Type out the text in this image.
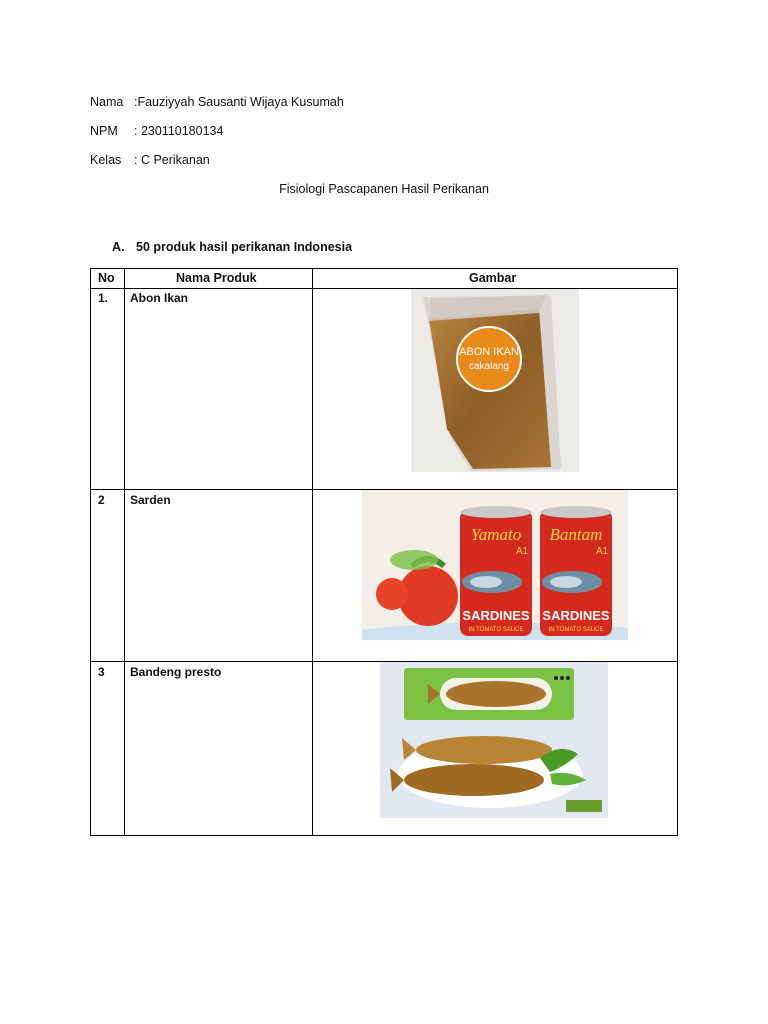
Nama :Fauziyyah Sausanti Wijaya Kusumah
NPM : 230110180134
Kelas : C Perikanan
Fisiologi Pascapanen Hasil Perikanan
A. 50 produk hasil perikanan Indonesia
No	Nama Produk	Gambar
1. Abon Ikan
ABON IKAN
cakalang
2 Sarden
Yamato
A1
SARDINES
IN TOMATO SAUCE
Bantam
A1
SARDINES
IN TOMATO SAUCE
3 Bandeng presto
